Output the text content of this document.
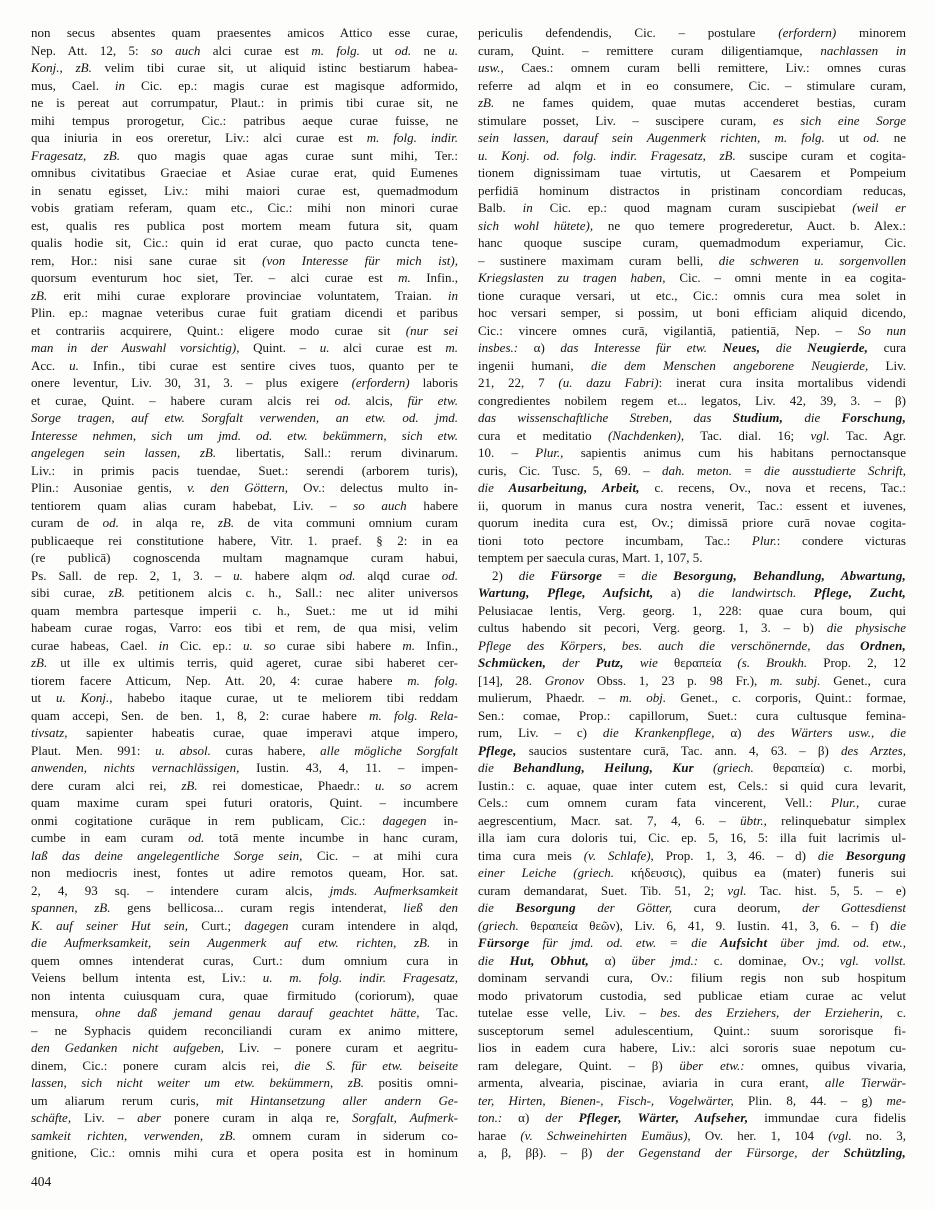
non secus absentes quam praesentes amicos Attico esse curae,
Nep. Att. 12, 5: so auch alci curae est m. folg. ut od. ne u.
Konj., zB. velim tibi curae sit, ut aliquid istinc bestiarum habea-
mus, Cael. in Cic. ep.: magis curae est magisque adformido,
ne is pereat aut corrumpatur, Plaut.: in primis tibi curae sit, ne
mihi tempus prorogetur, Cic.: patribus aeque curae fuisse, ne
qua iniuria in eos oreretur, Liv.: alci curae est m. folg. indir.
Fragesatz, zB. quo magis quae agas curae sunt mihi, Ter.:
omnibus civitatibus Graeciae et Asiae curae erat, quid Eumenes
in senatu egisset, Liv.: mihi maiori curae est, quemadmodum
vobis gratiam referam, quam etc., Cic.: mihi non minori curae
est, qualis res publica post mortem meam futura sit, quam
qualis hodie sit, Cic.: quin id erat curae, quo pacto cuncta tene-
rem, Hor.: nisi sane curae sit (von Interesse für mich ist),
quorsum eventurum hoc siet, Ter. – alci curae est m. Infin.,
zB. erit mihi curae explorare provinciae voluntatem, Traian. in
Plin. ep.: magnae veteribus curae fuit gratiam dicendi et paribus
et contrariis acquirere, Quint.: eligere modo curae sit (nur sei
man in der Auswahl vorsichtig), Quint. – u. alci curae est m.
Acc. u. Infin., tibi curae est sentire cives tuos, quanto per te
onere leventur, Liv. 30, 31, 3. – plus exigere (erfordern) laboris
et curae, Quint. – habere curam alcis rei od. alcis, für etw.
Sorge tragen, auf etw. Sorgfalt verwenden, an etw. od. jmd.
Interesse nehmen, sich um jmd. od. etw. bekümmern, sich etw.
angelegen sein lassen, zB. libertatis, Sall.: rerum divinarum.
Liv.: in primis pacis tuendae, Suet.: serendi (arborem turis),
Plin.: Ausoniae gentis, v. den Göttern, Ov.: delectus multo in-
tentiorem quam alias curam habebat, Liv. – so auch habere
curam de od. in alqa re, zB. de vita communi omnium curam
publicaeque rei constitutione habere, Vitr. 1. praef. § 2: in ea
(re publicā) cognoscenda multam magnamque curam habui,
Ps. Sall. de rep. 2, 1, 3. – u. habere alqm od. alqd curae od.
sibi curae, zB. petitionem alcis c. h., Sall.: nec aliter universos
quam membra partesque imperii c. h., Suet.: me ut id mihi
habeam curae rogas, Varro: eos tibi et rem, de qua misi, velim
curae habeas, Cael. in Cic. ep.: u. so curae sibi habere m. Infin.,
zB. ut ille ex ultimis terris, quid ageret, curae sibi haberet cer-
tiorem facere Atticum, Nep. Att. 20, 4: curae habere m. folg.
ut u. Konj., habebo itaque curae, ut te meliorem tibi reddam
quam accepi, Sen. de ben. 1, 8, 2: curae habere m. folg. Rela-
tivsatz, sapienter habeatis curae, quae imperavi atque impero,
Plaut. Men. 991: u. absol. curas habere, alle mögliche Sorgfalt
anwenden, nichts vernachlässigen, Iustin. 43, 4, 11. – impen-
dere curam alci rei, zB. rei domesticae, Phaedr.: u. so acrem
quam maxime curam spei futuri oratoris, Quint. – incumbere
onmi cogitatione curāque in rem publicam, Cic.: dagegen in-
cumbe in eam curam od. totā mente incumbe in hanc curam,
laß das deine angelegentliche Sorge sein, Cic. – at mihi cura
non mediocris inest, fontes ut adire remotos queam, Hor. sat.
2, 4, 93 sq. – intendere curam alcis, jmds. Aufmerksamkeit
spannen, zB. gens bellicosa... curam regis intenderat, ließ den
K. auf seiner Hut sein, Curt.; dagegen curam intendere in alqd,
die Aufmerksamkeit, sein Augenmerk auf etw. richten, zB. in
quem omnes intenderat curas, Curt.: dum omnium cura in
Veiens bellum intenta est, Liv.: u. m. folg. indir. Fragesatz,
non intenta cuiusquam cura, quae firmitudo (coriorum), quae
mensura, ohne daß jemand genau darauf geachtet hätte, Tac.
– ne Syphacis quidem reconciliandi curam ex animo mittere,
den Gedanken nicht aufgeben, Liv. – ponere curam et aegritu-
dinem, Cic.: ponere curam alcis rei, die S. für etw. beiseite
lassen, sich nicht weiter um etw. bekümmern, zB. positis omni-
um aliarum rerum curis, mit Hintansetzung aller andern Ge-
schäfte, Liv. – aber ponere curam in alqa re, Sorgfalt, Aufmerk-
samkeit richten, verwenden, zB. omnem curam in siderum co-
gnitione, Cic.: omnis mihi cura et opera posita est in hominum
periculis defendendis, Cic. – postulare (erfordern) minorem
curam, Quint. – remittere curam diligentiamque, nachlassen in
usw., Caes.: omnem curam belli remittere, Liv.: omnes curas
referre ad alqm et in eo consumere, Cic. – stimulare curam,
zB. ne fames quidem, quae mutas accenderet bestias, curam
stimulare posset, Liv. – suscipere curam, es sich eine Sorge
sein lassen, darauf sein Augenmerk richten, m. folg. ut od. ne
u. Konj. od. folg. indir. Fragesatz, zB. suscipe curam et cogita-
tionem dignissimam tuae virtutis, ut Caesarem et Pompeium
perfidiā hominum distractos in pristinam concordiam reducas,
Balb. in Cic. ep.: quod magnam curam suscipiebat (weil er
sich wohl hütete), ne quo temere progrederetur, Auct. b. Alex.:
hanc quoque suscipe curam, quemadmodum experiamur, Cic.
– sustinere maximam curam belli, die schweren u. sorgenvollen
Kriegslasten zu tragen haben, Cic. – omni mente in ea cogita-
tione curaque versari, ut etc., Cic.: omnis cura mea solet in
hoc versari semper, si possim, ut boni efficiam aliquid dicendo,
Cic.: vincere omnes curā, vigilantiā, patientiā, Nep. – So nun
insbes.: α) das Interesse für etw. Neues, die Neugierde, cura
ingenii humani, die dem Menschen angeborene Neugierde, Liv.
21, 22, 7 (u. dazu Fabri): inerat cura insita mortalibus videndi
congredientes nobilem regem et... legatos, Liv. 42, 39, 3. – β)
das wissenschaftliche Streben, das Studium, die Forschung,
cura et meditatio (Nachdenken), Tac. dial. 16; vgl. Tac. Agr.
10. – Plur., sapientis animus cum his habitans pernoctansque
curis, Cic. Tusc. 5, 69. – dah. meton. = die ausstudierte Schrift,
die Ausarbeitung, Arbeit, c. recens, Ov., nova et recens, Tac.:
ii, quorum in manus cura nostra venerit, Tac.: essent et iuvenes,
quorum inedita cura est, Ov.; dimissā priore curā novae cogita-
tioni toto pectore incumbam, Tac.: Plur.: condere victuras
temptem per saecula curas, Mart. 1, 107, 5.
2) die Fürsorge = die Besorgung, Behandlung, Abwartung,
Wartung, Pflege, Aufsicht, a) die landwirtsch. Pflege, Zucht,
Pelusiacae lentis, Verg. georg. 1, 228: quae cura boum, qui
cultus habendo sit pecori, Verg. georg. 1, 3. – b) die physische
Pflege des Körpers, bes. auch die verschönernde, das Ordnen,
Schmücken, der Putz, wie θεραπεία (s. Broukh. Prop. 2, 12
[14], 28. Gronov Obss. 1, 23 p. 98 Fr.), m. subj. Genet., cura
mulierum, Phaedr. – m. obj. Genet., c. corporis, Quint.: formae,
Sen.: comae, Prop.: capillorum, Suet.: cura cultusque femina-
rum, Liv. – c) die Krankenpflege, α) des Wärters usw., die
Pflege, saucios sustentare curā, Tac. ann. 4, 63. – β) des Arztes,
die Behandlung, Heilung, Kur (griech. θεραπεία) c. morbi,
Iustin.: c. aquae, quae inter cutem est, Cels.: si quid cura levarit,
Cels.: cum omnem curam fata vincerent, Vell.: Plur., curae
aegrescentium, Macr. sat. 7, 4, 6. – übtr., relinquebatur simplex
illa iam cura doloris tui, Cic. ep. 5, 16, 5: illa fuit lacrimis ul-
tima cura meis (v. Schlafe), Prop. 1, 3, 46. – d) die Besorgung
einer Leiche (griech. κήδευσις), quibus ea (mater) funeris sui
curam demandarat, Suet. Tib. 51, 2; vgl. Tac. hist. 5, 5. – e)
die Besorgung der Götter, cura deorum, der Gottesdienst
(griech. θεραπεία θεῶν), Liv. 6, 41, 9. Iustin. 41, 3, 6. – f) die
Fürsorge für jmd. od. etw. = die Aufsicht über jmd. od. etw.,
die Hut, Obhut, α) über jmd.: c. dominae, Ov.; vgl. vollst.
dominam servandi cura, Ov.: filium regis non sub hospitum
modo privatorum custodia, sed publicae etiam curae ac velut
tutelae esse velle, Liv. – bes. des Erziehers, der Erzieherin, c.
susceptorum semel adulescentium, Quint.: suum sororisque fi-
lios in eadem cura habere, Liv.: alci sororis suae nepotum cu-
ram delegare, Quint. – β) über etw.: omnes, quibus vivaria,
armenta, alvearia, piscinae, aviaria in cura erant, alle Tierwär-
ter, Hirten, Bienen-, Fisch-, Vogelwärter, Plin. 8, 44. – g) me-
ton.: α) der Pfleger, Wärter, Aufseher, immundae cura fidelis
harae (v. Schweinehirten Eumäus), Ov. her. 1, 104 (vgl. no. 3,
a, β, ββ). – β) der Gegenstand der Fürsorge, der Schützling,
404
